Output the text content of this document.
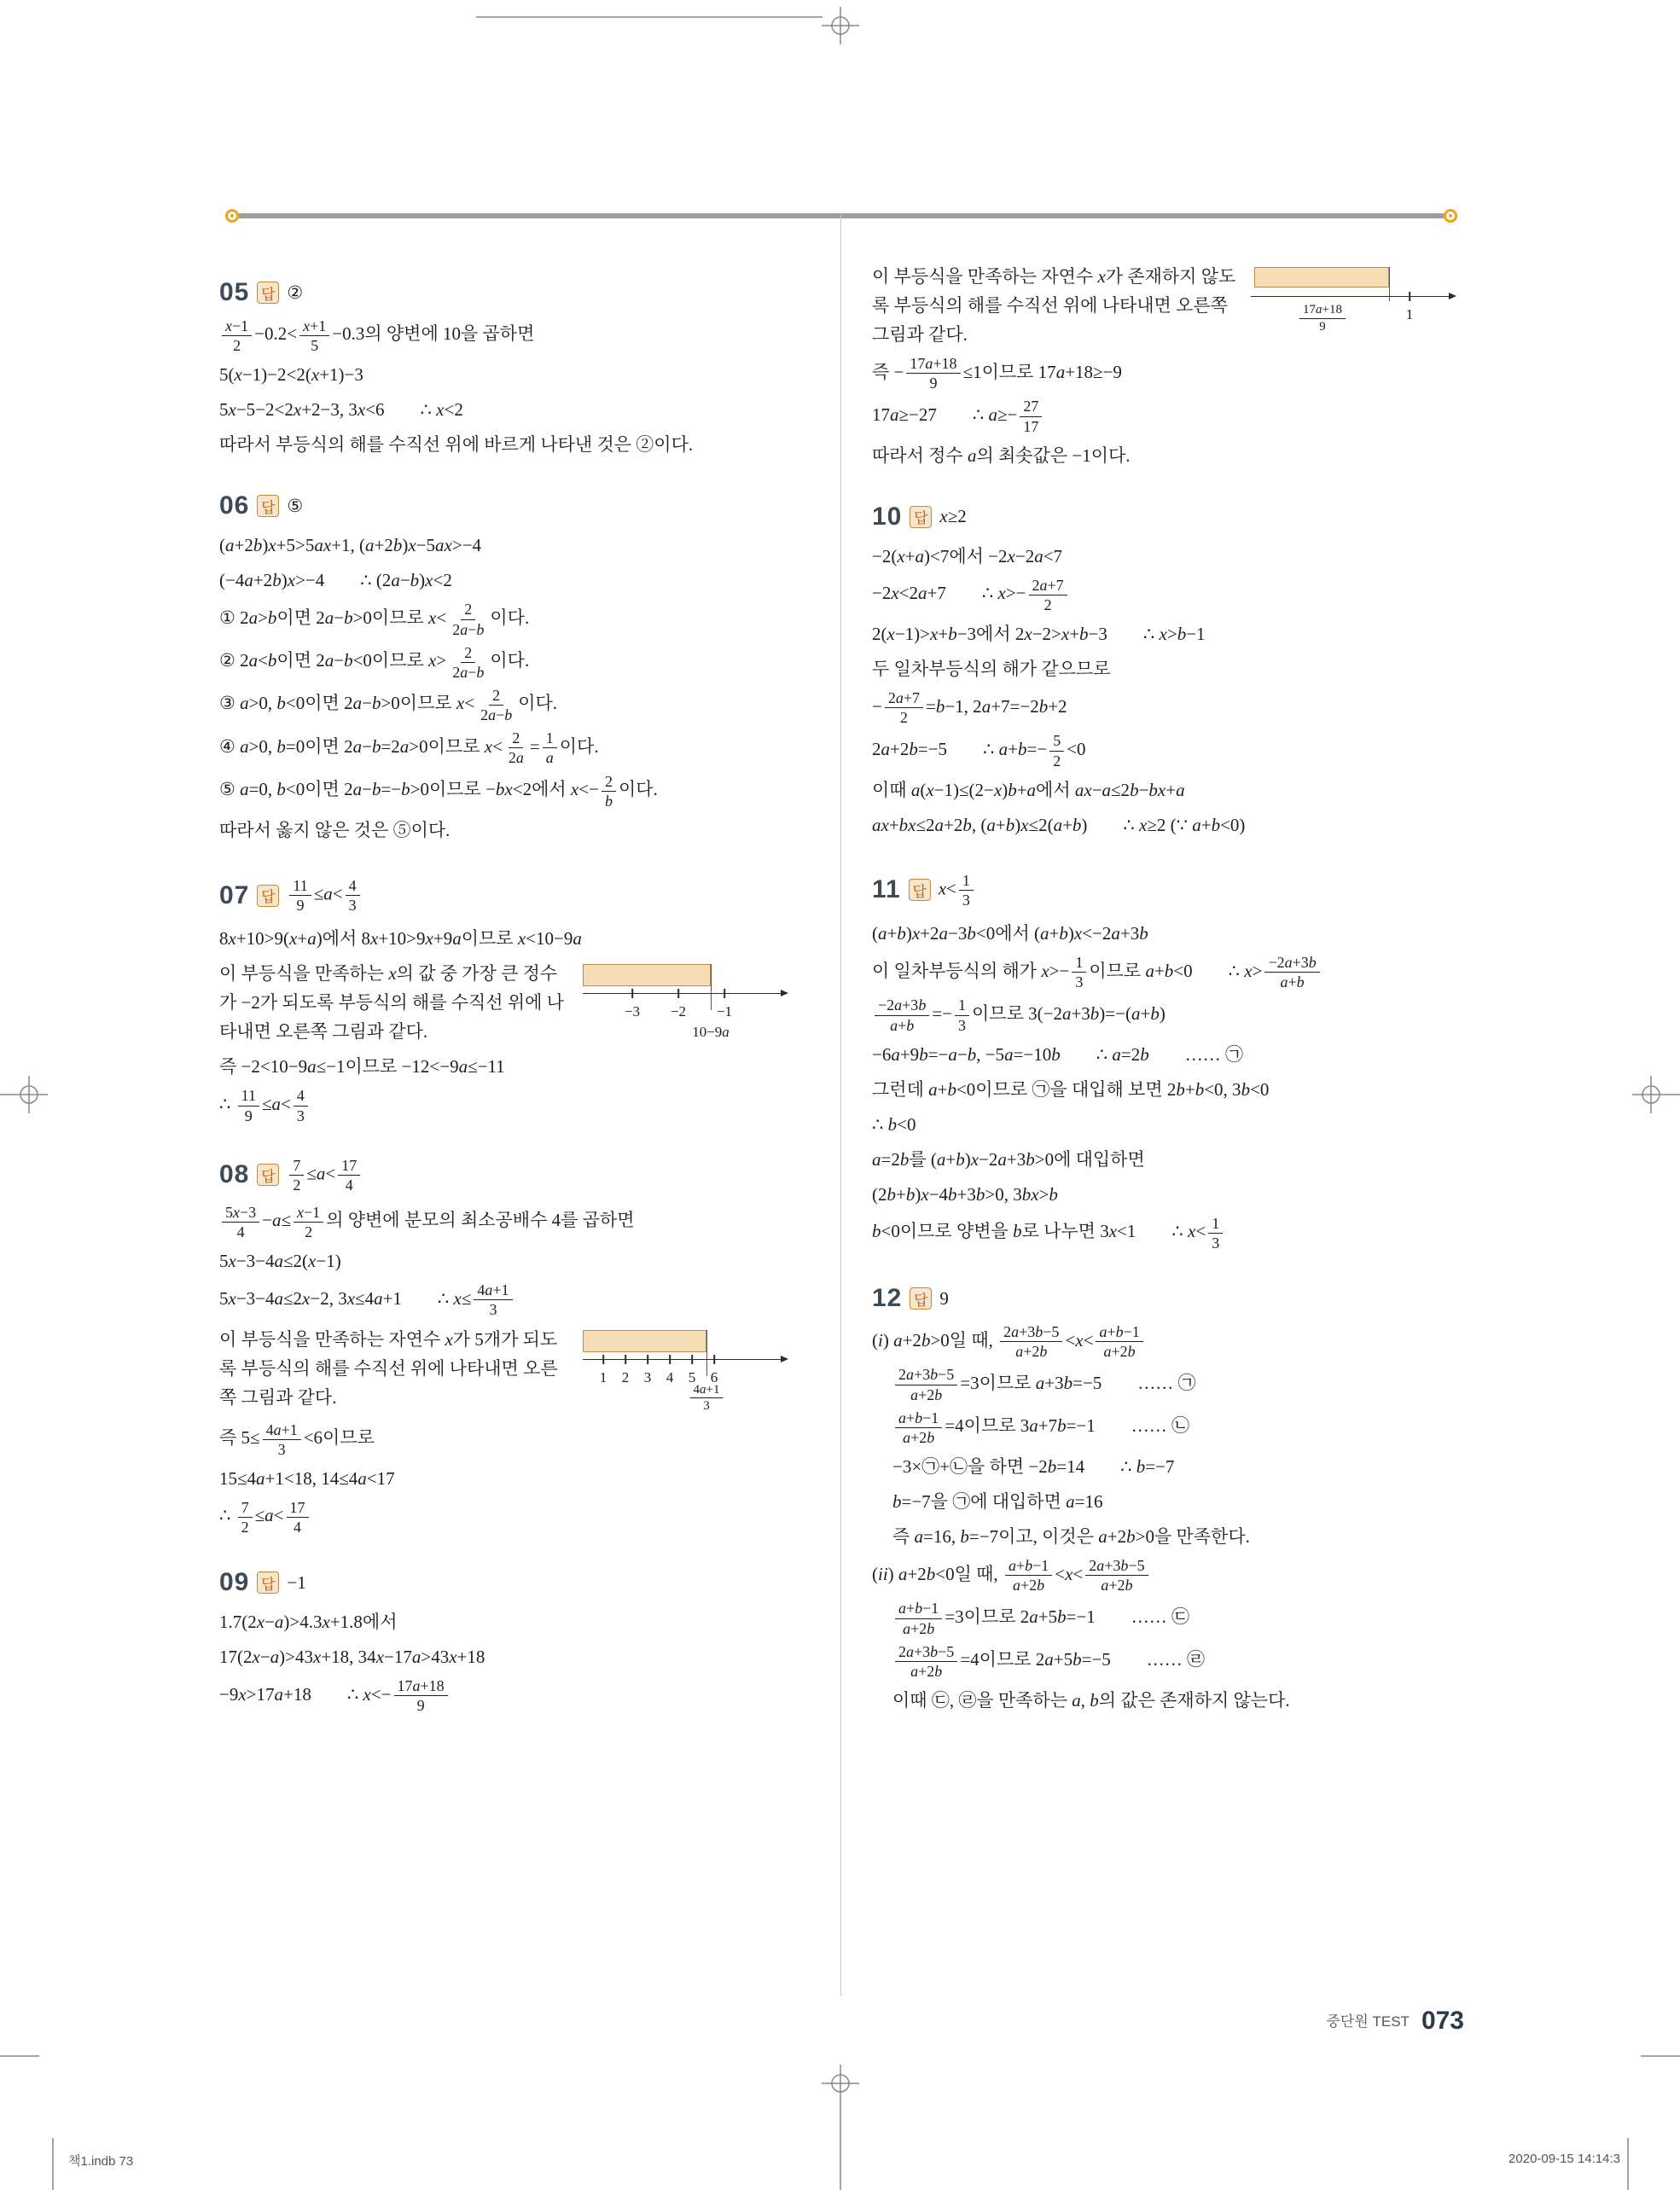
05 답 ②
$\frac{x-1}{2} -0.2< \frac{x+1}{5} -0.3$의 양변에 10을 곱하면
5(x−1)−2<2(x+1)−3
5x−5−2<2x+2−3, 3x<6  ∴ x<2
따라서 부등식의 해를 수직선 위에 바르게 나타낸 것은 ②이다.
06 답 ⑤
(a+2b)x+5>5ax+1, (a+2b)x−5ax>−4
(−4a+2b)x>−4  ∴ (2a−b)x<2
① 2a>b이면 2a−b>0이므로 $x< \frac{2}{2a-b}$ 이다.
② 2a<b이면 2a−b<0이므로 $x> \frac{2}{2a-b}$ 이다.
③ a>0, b<0이면 2a−b>0이므로 $x< \frac{2}{2a-b}$ 이다.
④ a>0, b=0이면 2a−b=2a>0이므로 $x< \frac{2}{2a} = \frac{1}{a}$ 이다.
⑤ a=0, b<0이면 2a−b=−b>0이므로 −bx<2에서 $x<- \frac{2}{b}$ 이다.
따라서 옳지 않은 것은 ⑤이다.
07 답 $\frac{11}{9} \le a< \frac{4}{3}$
8x+10>9(x+a)에서 8x+10>9x+9a이므로 x<10−9a
−3 −2 −1
10−9a
이 부등식을 만족하는 x의 값 중 가장 큰 정수가 −2가 되도록 부등식의 해를 수직선 위에 나타내면 오른쪽 그림과 같다.
즉 −2<10−9a≤−1이므로 −12<−9a≤−11
∴ $\frac{11}{9} \le a< \frac{4}{3}$
08 답 $\frac{7}{2} \le a< \frac{17}{4}$
$\frac{5x-3}{4} -a\le \frac{x-1}{2}$ 의 양변에 분모의 최소공배수 4를 곱하면
5x−3−4a≤2(x−1)
5x−3−4a≤2x−2, 3x≤4a+1  ∴ $x\le \frac{4a+1}{3}$
1 2 3 4 5 6
$\frac{4a+1}{3}$
이 부등식을 만족하는 자연수 x가 5개가 되도록 부등식의 해를 수직선 위에 나타내면 오른쪽 그림과 같다.
즉 $5\le \frac{4a+1}{3} <6$이므로
15≤4a+1<18, 14≤4a<17
∴ $\frac{7}{2} \le a< \frac{17}{4}$
09 답 −1
1.7(2x−a)>4.3x+1.8에서
17(2x−a)>43x+18, 34x−17a>43x+18
−9x>17a+18  ∴ $x<- \frac{17a+18}{9}$
$\frac{17a+18}{9}$	1
이 부등식을 만족하는 자연수 x가 존재하지 않도록 부등식의 해를 수직선 위에 나타내면 오른쪽 그림과 같다.
즉 − $\frac{17a+18}{9} \le 1$이므로 17a+18≥−9
17a≥−27  ∴ $a\ge- \frac{27}{17}$
따라서 정수 a의 최솟값은 −1이다.
10 답 x≥2
−2(x+a)<7에서 −2x−2a<7
−2x<2a+7  ∴ $x>- \frac{2a+7}{2}$
2(x−1)>x+b−3에서 2x−2>x+b−3  ∴ x>b−1
두 일차부등식의 해가 같으므로
− $\frac{2a+7}{2} =b-1$, 2a+7=−2b+2
2a+2b=−5  ∴ $a+b=- \frac{5}{2} <0$
이때 a(x−1)≤(2−x)b+a에서 ax−a≤2b−bx+a
ax+bx≤2a+2b, (a+b)x≤2(a+b)  ∴ x≥2 (∵ a+b<0)
11 답 $x< \frac{1}{3}$
(a+b)x+2a−3b<0에서 (a+b)x<−2a+3b
이 일차부등식의 해가 $x>- \frac{1}{3}$ 이므로 a+b<0  ∴ $x> \frac{-2a+3b}{a+b}$
$\frac{-2a+3b}{a+b} =- \frac{1}{3}$ 이므로 3(−2a+3b)=−(a+b)
−6a+9b=−a−b, −5a=−10b  ∴ a=2b  …… ㉠
그런데 a+b<0이므로 ㉠을 대입해 보면 2b+b<0, 3b<0
∴ b<0
a=2b를 (a+b)x−2a+3b>0에 대입하면
(2b+b)x−4b+3b>0, 3bx>b
b<0이므로 양변을 b로 나누면 3x<1  ∴ $x< \frac{1}{3}$
12 답 9
(i) a+2b>0일 때, $\frac{2a+3b-5}{a+2b} <x< \frac{a+b-1}{a+2b}$
$\frac{2a+3b-5}{a+2b} =3$이므로 a+3b=−5  …… ㉠
$\frac{a+b-1}{a+2b} =4$이므로 3a+7b=−1  …… ㉡
−3×㉠+㉡을 하면 −2b=14  ∴ b=−7
b=−7을 ㉠에 대입하면 a=16
즉 a=16, b=−7이고, 이것은 a+2b>0을 만족한다.
(ii) a+2b<0일 때, $\frac{a+b-1}{a+2b} <x< \frac{2a+3b-5}{a+2b}$
$\frac{a+b-1}{a+2b} =3$이므로 2a+5b=−1  …… ㉢
$\frac{2a+3b-5}{a+2b} =4$이므로 2a+5b=−5  …… ㉣
이때 ㉢, ㉣을 만족하는 a, b의 값은 존재하지 않는다.
중단원 TEST 073
책1.indb 73	2020-09-15 14:14:3
